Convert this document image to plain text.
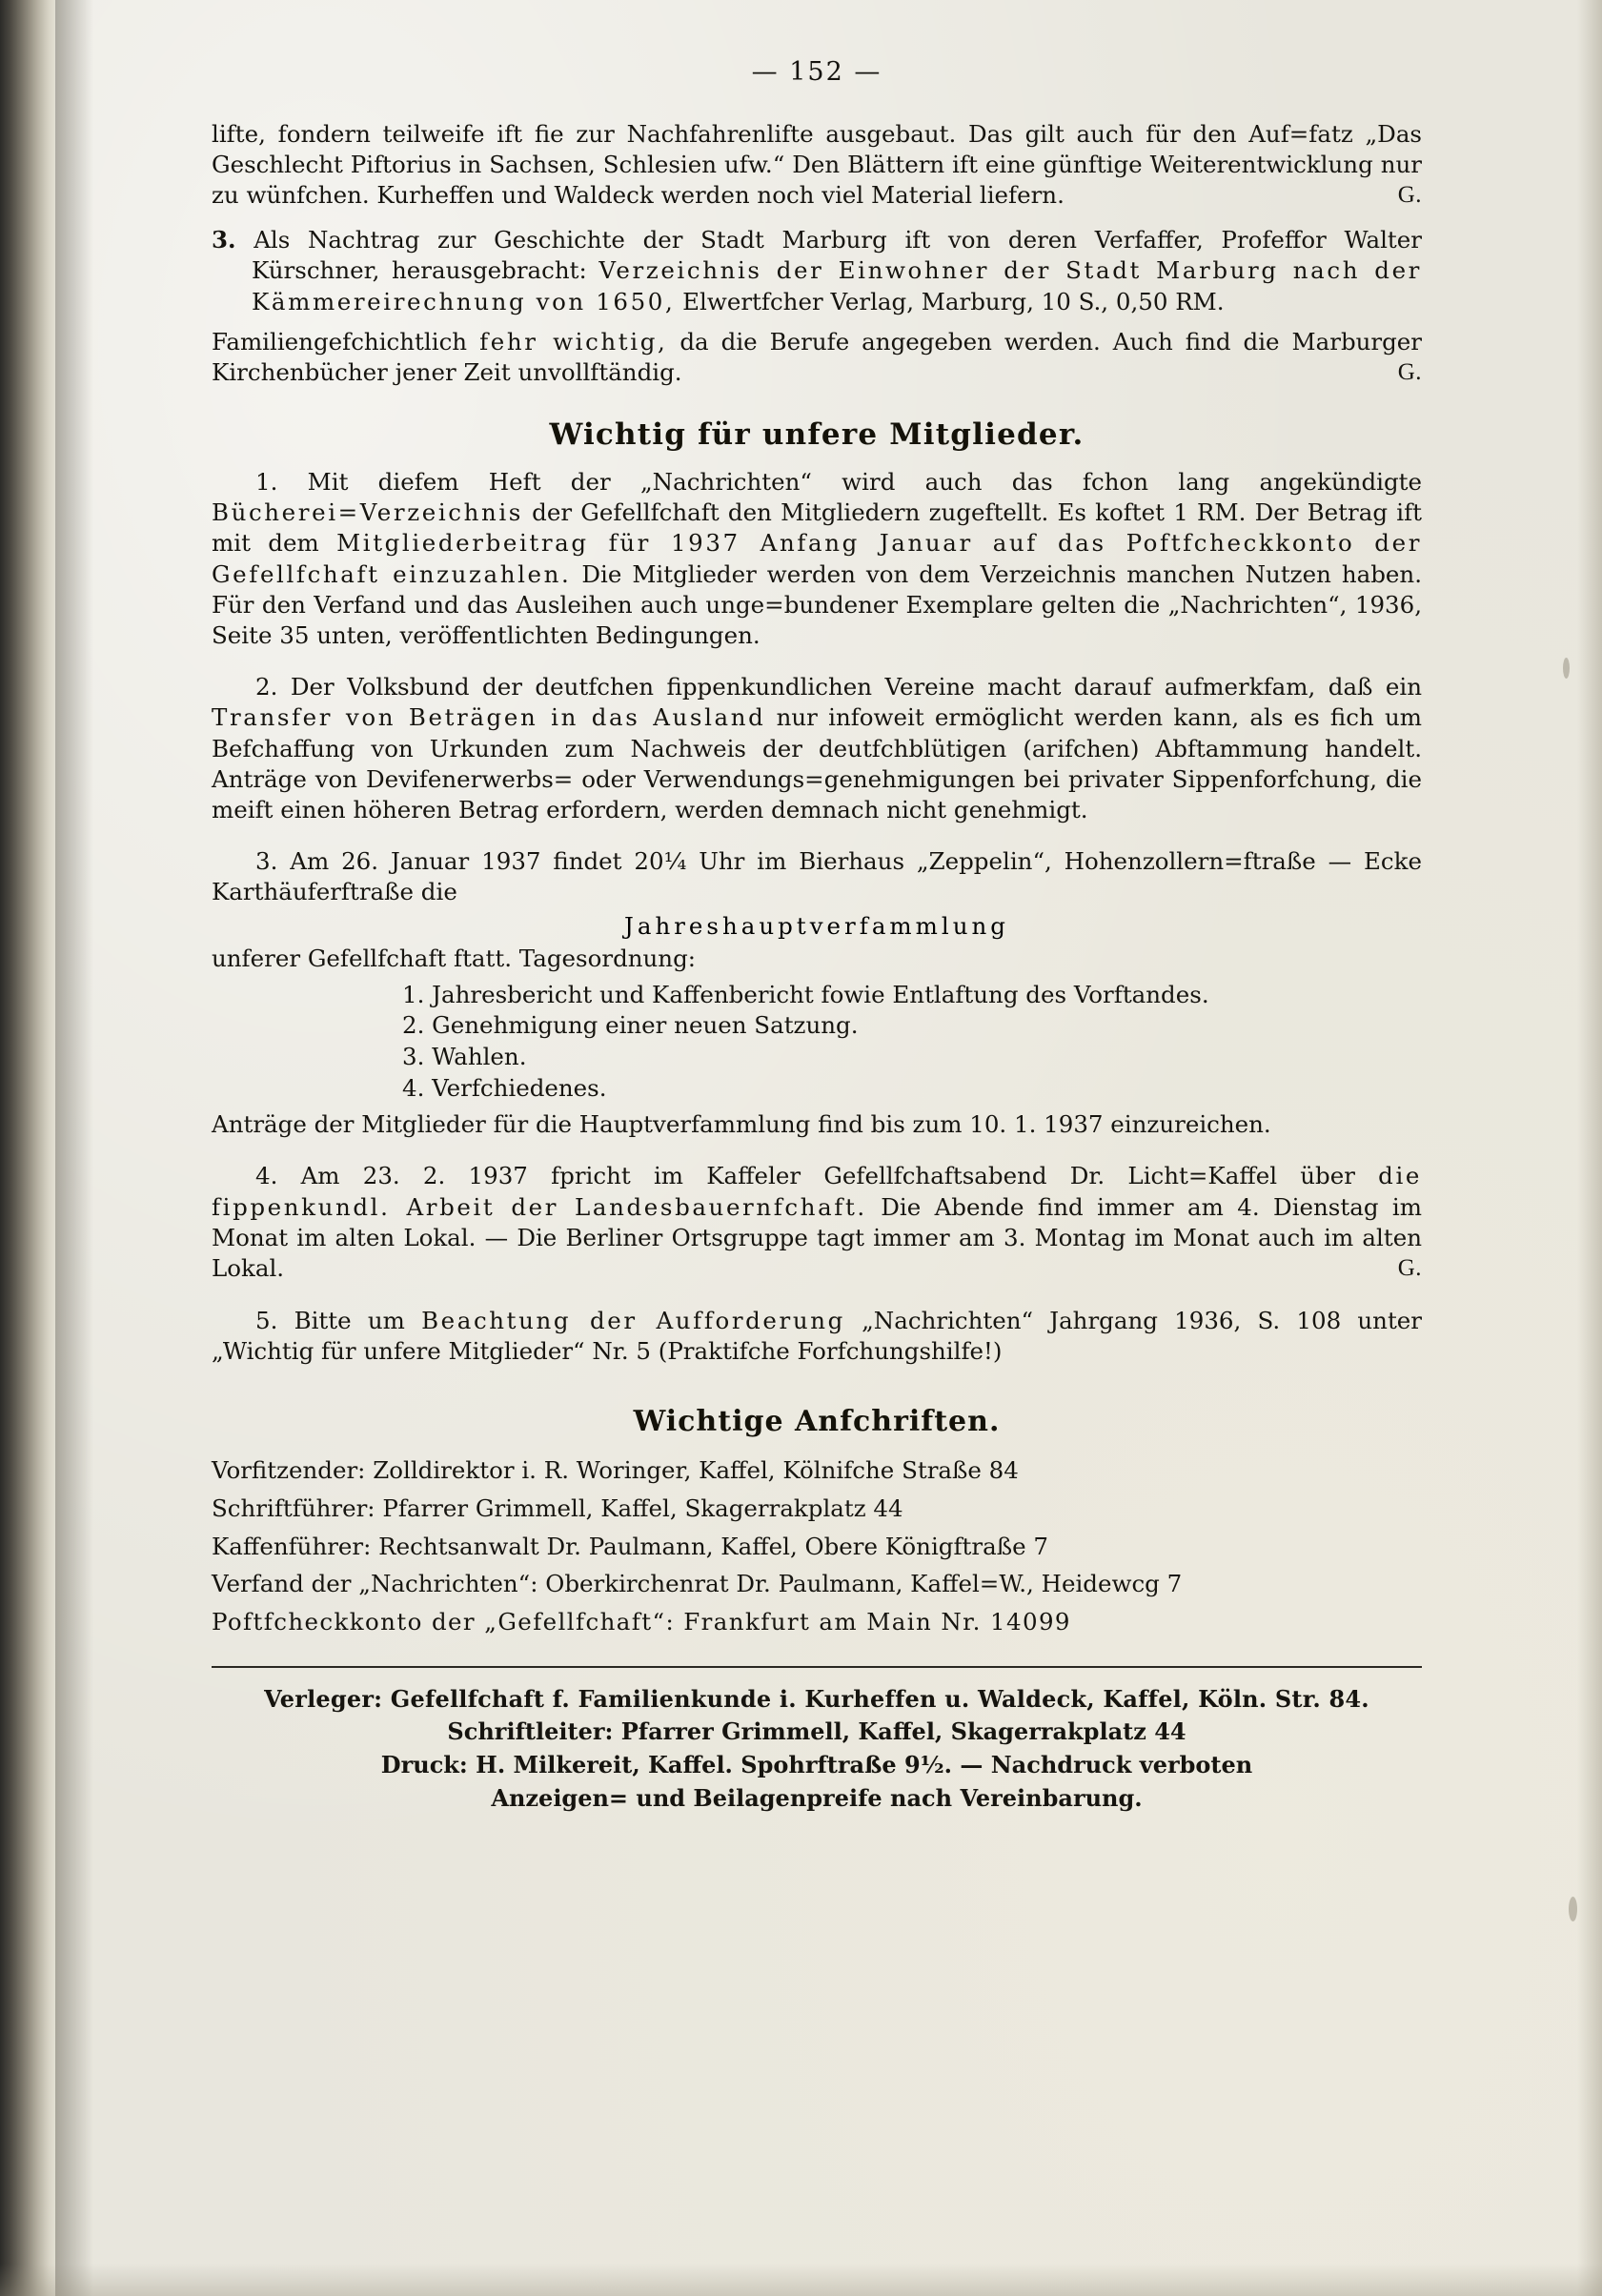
— 152 —

lifte, fondern teilweife ift fie zur Nachfahrenlifte ausgebaut. Das gilt auch für den Auf=fatz „Das Geschlecht Piftorius in Sachsen, Schlesien ufw.“ Den Blättern ift eine günftige Weiterentwicklung nur zu wünfchen. Kurheffen und Waldeck werden noch viel Material liefern.	G.

3. Als Nachtrag zur Geschichte der Stadt Marburg ift von deren Verfaffer, Profeffor Walter Kürschner, herausgebracht: Verzeichnis der Einwohner der Stadt Marburg nach der Kämmereirechnung von 1650, Elwertfcher Verlag, Marburg, 10 S., 0,50 RM.

Familiengefchichtlich fehr wichtig, da die Berufe angegeben werden. Auch find die Marburger Kirchenbücher jener Zeit unvollftändig.	G.

Wichtig für unfere Mitglieder.

1. Mit diefem Heft der „Nachrichten“ wird auch das fchon lang angekündigte Bücherei=Verzeichnis der Gefellfchaft den Mitgliedern zugeftellt. Es koftet 1 RM. Der Betrag ift mit dem Mitgliederbeitrag für 1937 Anfang Januar auf das Poftfcheckkonto der Gefellfchaft einzuzahlen. Die Mitglieder werden von dem Verzeichnis manchen Nutzen haben. Für den Verfand und das Ausleihen auch unge=bundener Exemplare gelten die „Nachrichten“, 1936, Seite 35 unten, veröffentlichten Bedingungen.

2. Der Volksbund der deutfchen fippenkundlichen Vereine macht darauf aufmerkfam, daß ein Transfer von Beträgen in das Ausland nur infoweit ermöglicht werden kann, als es fich um Befchaffung von Urkunden zum Nachweis der deutfchblütigen (arifchen) Abftammung handelt. Anträge von Devifenerwerbs= oder Verwendungs=genehmigungen bei privater Sippenforfchung, die meift einen höheren Betrag erfordern, werden demnach nicht genehmigt.

3. Am 26. Januar 1937 findet 20¼ Uhr im Bierhaus „Zeppelin“, Hohenzollern=ftraße — Ecke Karthäuferftraße die

Jahreshauptverfammlung

unferer Gefellfchaft ftatt. Tagesordnung:

1. Jahresbericht und Kaffenbericht fowie Entlaftung des Vorftandes.
2. Genehmigung einer neuen Satzung.
3. Wahlen.
4. Verfchiedenes.

Anträge der Mitglieder für die Hauptverfammlung find bis zum 10. 1. 1937 einzureichen.

4. Am 23. 2. 1937 fpricht im Kaffeler Gefellfchaftsabend Dr. Licht=Kaffel über die fippenkundl. Arbeit der Landesbauernfchaft. Die Abende find immer am 4. Dienstag im Monat im alten Lokal. — Die Berliner Ortsgruppe tagt immer am 3. Montag im Monat auch im alten Lokal.	G.

5. Bitte um Beachtung der Aufforderung „Nachrichten“ Jahrgang 1936, S. 108 unter „Wichtig für unfere Mitglieder“ Nr. 5 (Praktifche Forfchungshilfe!)

Wichtige Anfchriften.
Vorfitzender: Zolldirektor i. R. Woringer, Kaffel, Kölnifche Straße 84
Schriftführer: Pfarrer Grimmell, Kaffel, Skagerrakplatz 44
Kaffenführer: Rechtsanwalt Dr. Paulmann, Kaffel, Obere Königftraße 7
Verfand der „Nachrichten“: Oberkirchenrat Dr. Paulmann, Kaffel=W., Heidewcg 7
Poftfcheckkonto der „Gefellfchaft“: Frankfurt am Main Nr. 14099
Verleger: Gefellfchaft f. Familienkunde i. Kurheffen u. Waldeck, Kaffel, Köln. Str. 84.
Schriftleiter: Pfarrer Grimmell, Kaffel, Skagerrakplatz 44
Druck: H. Milkereit, Kaffel. Spohrftraße 9½. — Nachdruck verboten
Anzeigen= und Beilagenpreife nach Vereinbarung.
